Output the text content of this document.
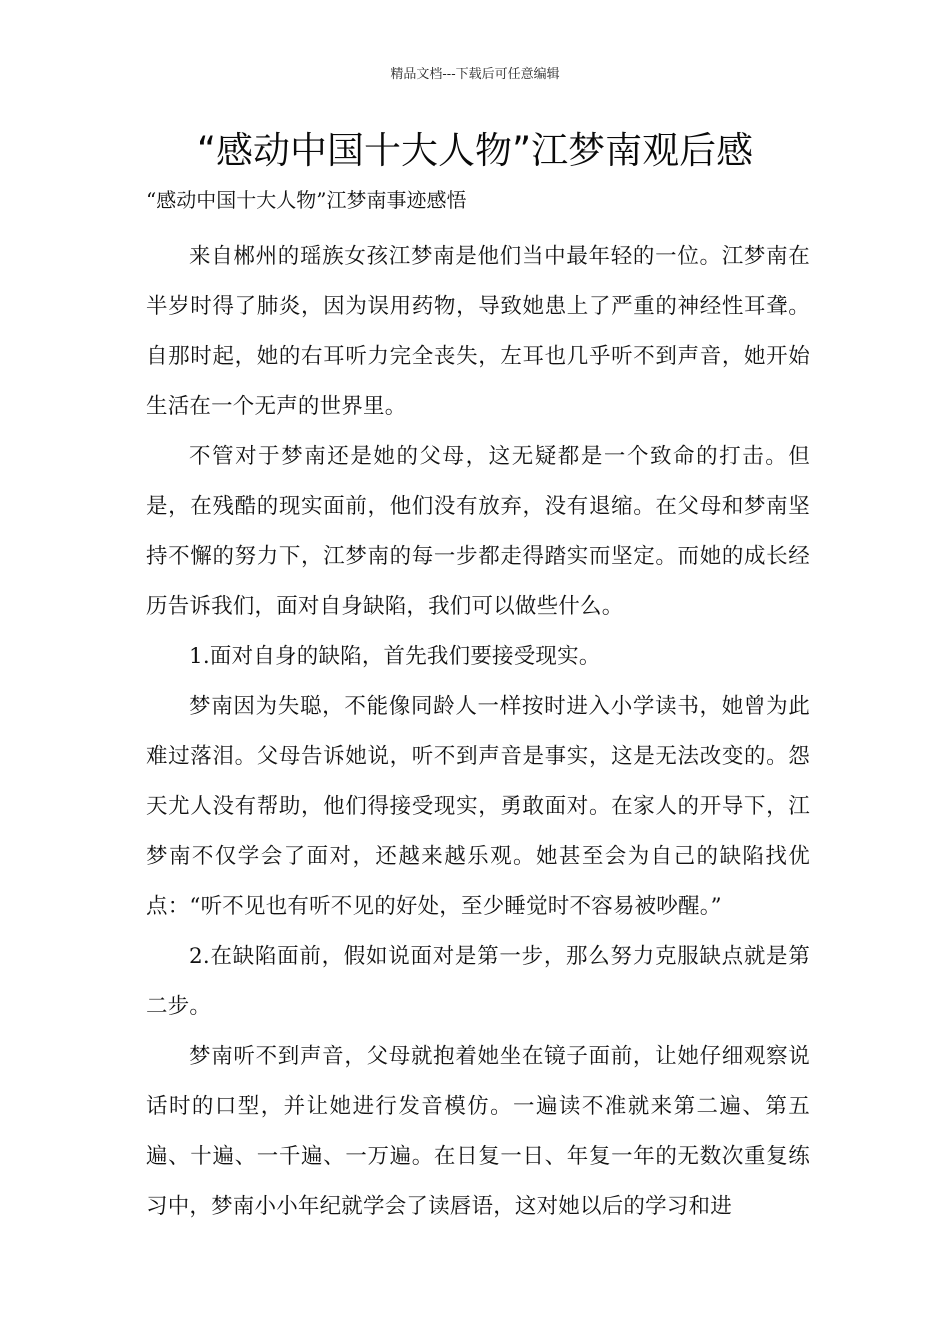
精品文档---下载后可任意编辑
“感动中国十大人物”江梦南观后感

“感动中国十大人物”江梦南事迹感悟

来自郴州的瑶族女孩江梦南是他们当中最年轻的一位。江梦南在半岁时得了肺炎，因为误用药物，导致她患上了严重的神经性耳聋。自那时起，她的右耳听力完全丧失，左耳也几乎听不到声音，她开始生活在一个无声的世界里。

不管对于梦南还是她的父母，这无疑都是一个致命的打击。但是，在残酷的现实面前，他们没有放弃，没有退缩。在父母和梦南坚持不懈的努力下，江梦南的每一步都走得踏实而坚定。而她的成长经历告诉我们，面对自身缺陷，我们可以做些什么。

1.面对自身的缺陷，首先我们要接受现实。

梦南因为失聪，不能像同龄人一样按时进入小学读书，她曾为此难过落泪。父母告诉她说，听不到声音是事实，这是无法改变的。怨天尤人没有帮助，他们得接受现实，勇敢面对。在家人的开导下，江梦南不仅学会了面对，还越来越乐观。她甚至会为自己的缺陷找优点：“听不见也有听不见的好处，至少睡觉时不容易被吵醒。”

2.在缺陷面前，假如说面对是第一步，那么努力克服缺点就是第二步。

梦南听不到声音，父母就抱着她坐在镜子面前，让她仔细观察说话时的口型，并让她进行发音模仿。一遍读不准就来第二遍、第五遍、十遍、一千遍、一万遍。在日复一日、年复一年的无数次重复练习中，梦南小小年纪就学会了读唇语，这对她以后的学习和进
